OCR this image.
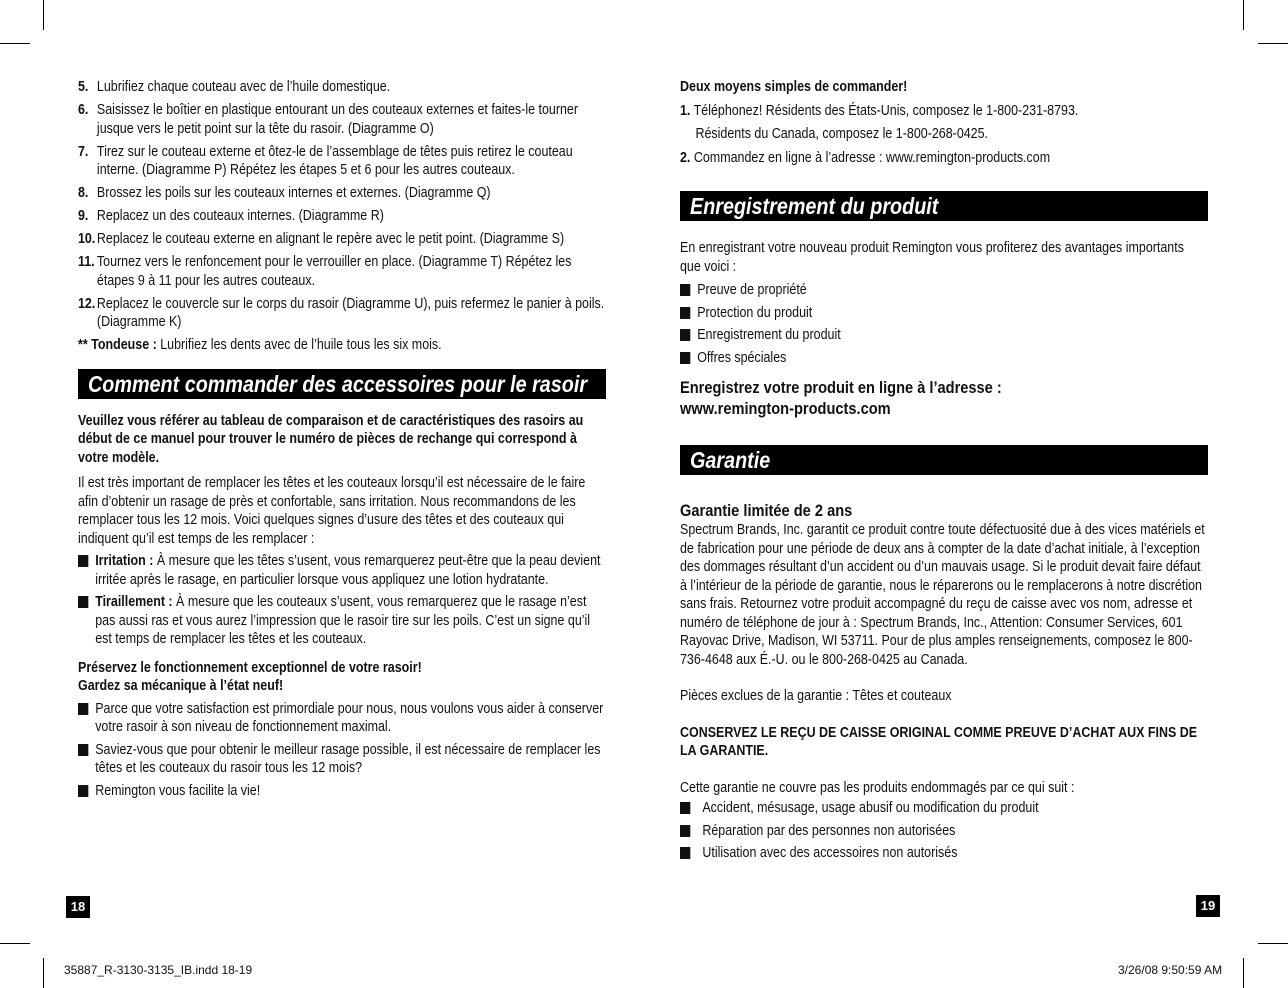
5. Lubrifiez chaque couteau avec de l’huile domestique.
6. Saisissez le boîtier en plastique entourant un des couteaux externes et faites-le tourner jusque vers le petit point sur la tête du rasoir. (Diagramme O)
7. Tirez sur le couteau externe et ôtez-le de l’assemblage de têtes puis retirez le couteau interne. (Diagramme P) Répétez les étapes 5 et 6 pour les autres couteaux.
8. Brossez les poils sur les couteaux internes et externes. (Diagramme Q)
9. Replacez un des couteaux internes. (Diagramme R)
10. Replacez le couteau externe en alignant le repère avec le petit point. (Diagramme S)
11. Tournez vers le renfoncement pour le verrouiller en place. (Diagramme T) Répétez les étapes 9 à 11 pour les autres couteaux.
12. Replacez le couvercle sur le corps du rasoir (Diagramme U), puis refermez le panier à poils. (Diagramme K)
** Tondeuse : Lubrifiez les dents avec de l’huile tous les six mois.
Comment commander des accessoires pour le rasoir
Veuillez vous référer au tableau de comparaison et de caractéristiques des rasoirs au début de ce manuel pour trouver le numéro de pièces de rechange qui correspond à votre modèle.
Il est très important de remplacer les têtes et les couteaux lorsqu’il est nécessaire de le faire afin d’obtenir un rasage de près et confortable, sans irritation. Nous recommandons de les remplacer tous les 12 mois. Voici quelques signes d’usure des têtes et des couteaux qui indiquent qu’il est temps de les remplacer :
Irritation : À mesure que les têtes s’usent, vous remarquerez peut-être que la peau devient irritée après le rasage, en particulier lorsque vous appliquez une lotion hydratante.
Tiraillement : À mesure que les couteaux s’usent, vous remarquerez que le rasage n’est pas aussi ras et vous aurez l’impression que le rasoir tire sur les poils. C’est un signe qu’il est temps de remplacer les têtes et les couteaux.
Préservez le fonctionnement exceptionnel de votre rasoir!
Gardez sa mécanique à l’état neuf!
Parce que votre satisfaction est primordiale pour nous, nous voulons vous aider à conserver votre rasoir à son niveau de fonctionnement maximal.
Saviez-vous que pour obtenir le meilleur rasage possible, il est nécessaire de remplacer les têtes et les couteaux du rasoir tous les 12 mois?
Remington vous facilite la vie!
18
Deux moyens simples de commander!
1. Téléphonez! Résidents des États-Unis, composez le 1-800-231-8793.
Résidents du Canada, composez le 1-800-268-0425.
2. Commandez en ligne à l’adresse : www.remington-products.com
Enregistrement du produit
En enregistrant votre nouveau produit Remington vous profiterez des avantages importants que voici :
Preuve de propriété
Protection du produit
Enregistrement du produit
Offres spéciales
Enregistrez votre produit en ligne à l’adresse :
www.remington-products.com
Garantie
Garantie limitée de 2 ans
Spectrum Brands, Inc. garantit ce produit contre toute défectuosité due à des vices matériels et de fabrication pour une période de deux ans à compter de la date d’achat initiale, à l’exception des dommages résultant d’un accident ou d’un mauvais usage. Si le produit devait faire défaut à l’intérieur de la période de garantie, nous le réparerons ou le remplacerons à notre discrétion sans frais. Retournez votre produit accompagné du reçu de caisse avec vos nom, adresse et numéro de téléphone de jour à : Spectrum Brands, Inc., Attention: Consumer Services, 601 Rayovac Drive, Madison, WI 53711. Pour de plus amples renseignements, composez le 800-736-4648 aux É.-U. ou le 800-268-0425 au Canada.
Pièces exclues de la garantie : Têtes et couteaux
CONSERVEZ LE REÇU DE CAISSE ORIGINAL COMME PREUVE D’ACHAT AUX FINS DE LA GARANTIE.
Cette garantie ne couvre pas les produits endommagés par ce qui suit :
Accident, mésusage, usage abusif ou modification du produit
Réparation par des personnes non autorisées
Utilisation avec des accessoires non autorisés
19
35887_R-3130-3135_IB.indd 18-19	3/26/08 9:50:59 AM
